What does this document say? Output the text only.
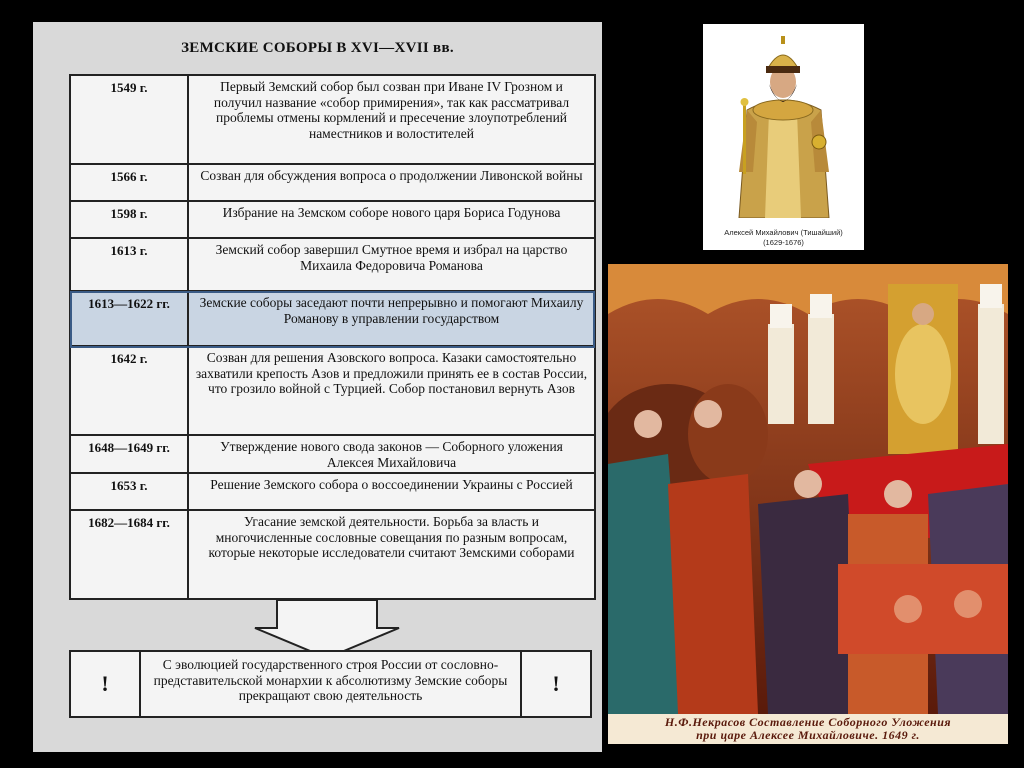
ЗЕМСКИЕ СОБОРЫ В XVI—XVII вв.
1549 г.	Первый Земский собор был созван при Иване IV Грозном и получил название «собор примирения», так как рассматривал проблемы отмены кормлений и пресечение злоупотреблений наместников и волостителей
1566 г.	Созван для обсуждения вопроса о продолжении Ливонской войны
1598 г.	Избрание на Земском соборе нового царя Бориса Годунова
1613 г.	Земский собор завершил Смутное время и избрал на царство Михаила Федоровича Романова
1613—1622 гг.	Земские соборы заседают почти непрерывно и помогают Михаилу Романову в управлении государством
1642 г.	Созван для решения Азовского вопроса. Казаки самостоятельно захватили крепость Азов и предложили принять ее в состав России, что грозило войной с Турцией. Собор постановил вернуть Азов
1648—1649 гг.	Утверждение нового свода законов — Соборного уложения Алексея Михайловича
1653 г.	Решение Земского собора о воссоединении Украины с Россией
1682—1684 гг.	Угасание земской деятельности. Борьба за власть и многочисленные сословные совещания по разным вопросам, которые некоторые исследователи считают Земскими соборами
!
С эволюцией государственного строя России от сословно-представительской монархии к абсолютизму Земские соборы прекращают свою деятельность	!
Алексей Михайлович (Тишайший)
(1629-1676)
Н.Ф.Некрасов Составление Соборного Уложения
при царе Алексее Михайловиче. 1649 г.
